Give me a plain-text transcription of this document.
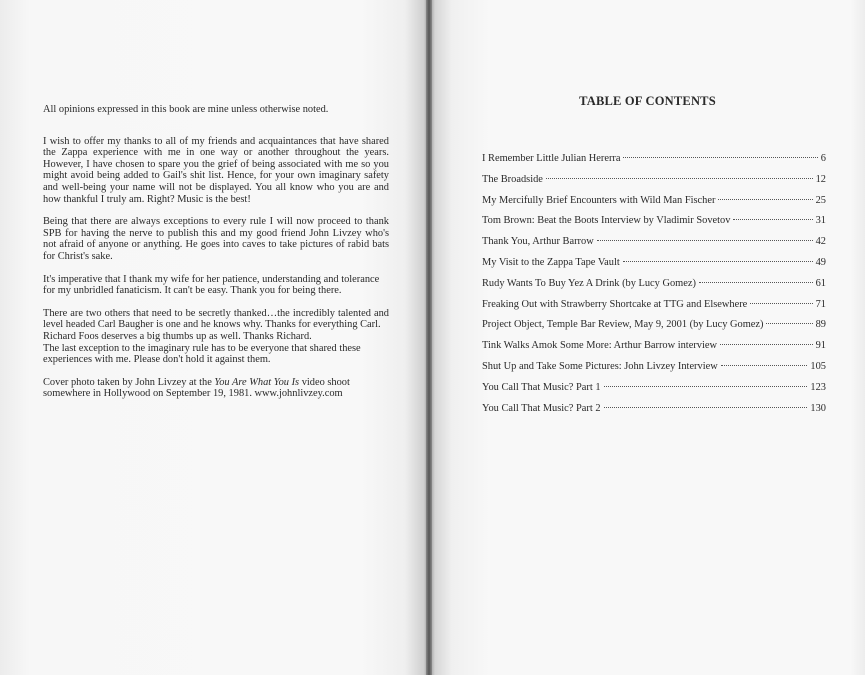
All opinions expressed in this book are mine unless otherwise noted.

I wish to offer my thanks to all of my friends and acquaintances that have shared the Zappa experience with me in one way or another throughout the years. However, I have chosen to spare you the grief of being associated with me so you might avoid being added to Gail's shit list. Hence, for your own imaginary safety and well-being your name will not be displayed. You all know who you are and how thankful I truly am. Right? Music is the best!

Being that there are always exceptions to every rule I will now proceed to thank SPB for having the nerve to publish this and my good friend John Livzey who's not afraid of anyone or anything. He goes into caves to take pictures of rabid bats for Christ's sake.

It's imperative that I thank my wife for her patience, understanding and tolerance for my unbridled fanaticism. It can't be easy. Thank you for being there.

There are two others that need to be secretly thanked…the incredibly talented and level headed Carl Baugher is one and he knows why. Thanks for everything Carl.

Richard Foos deserves a big thumbs up as well. Thanks Richard.

The last exception to the imaginary rule has to be everyone that shared these experiences with me. Please don't hold it against them.

Cover photo taken by John Livzey at the You Are What You Is video shoot somewhere in Hollywood on September 19, 1981. www.johnlivzey.com

TABLE OF CONTENTS
I Remember Little Julian Hererra	6
The Broadside	12
My Mercifully Brief Encounters with Wild Man Fischer	25
Tom Brown: Beat the Boots Interview by Vladimir Sovetov	31
Thank You, Arthur Barrow	42
My Visit to the Zappa Tape Vault	49
Rudy Wants To Buy Yez A Drink (by Lucy Gomez)	61
Freaking Out with Strawberry Shortcake at TTG and Elsewhere	71
Project Object, Temple Bar Review, May 9, 2001 (by Lucy Gomez)	89
Tink Walks Amok Some More: Arthur Barrow interview	91
Shut Up and Take Some Pictures: John Livzey Interview	105
You Call That Music? Part 1	123
You Call That Music? Part 2	130
